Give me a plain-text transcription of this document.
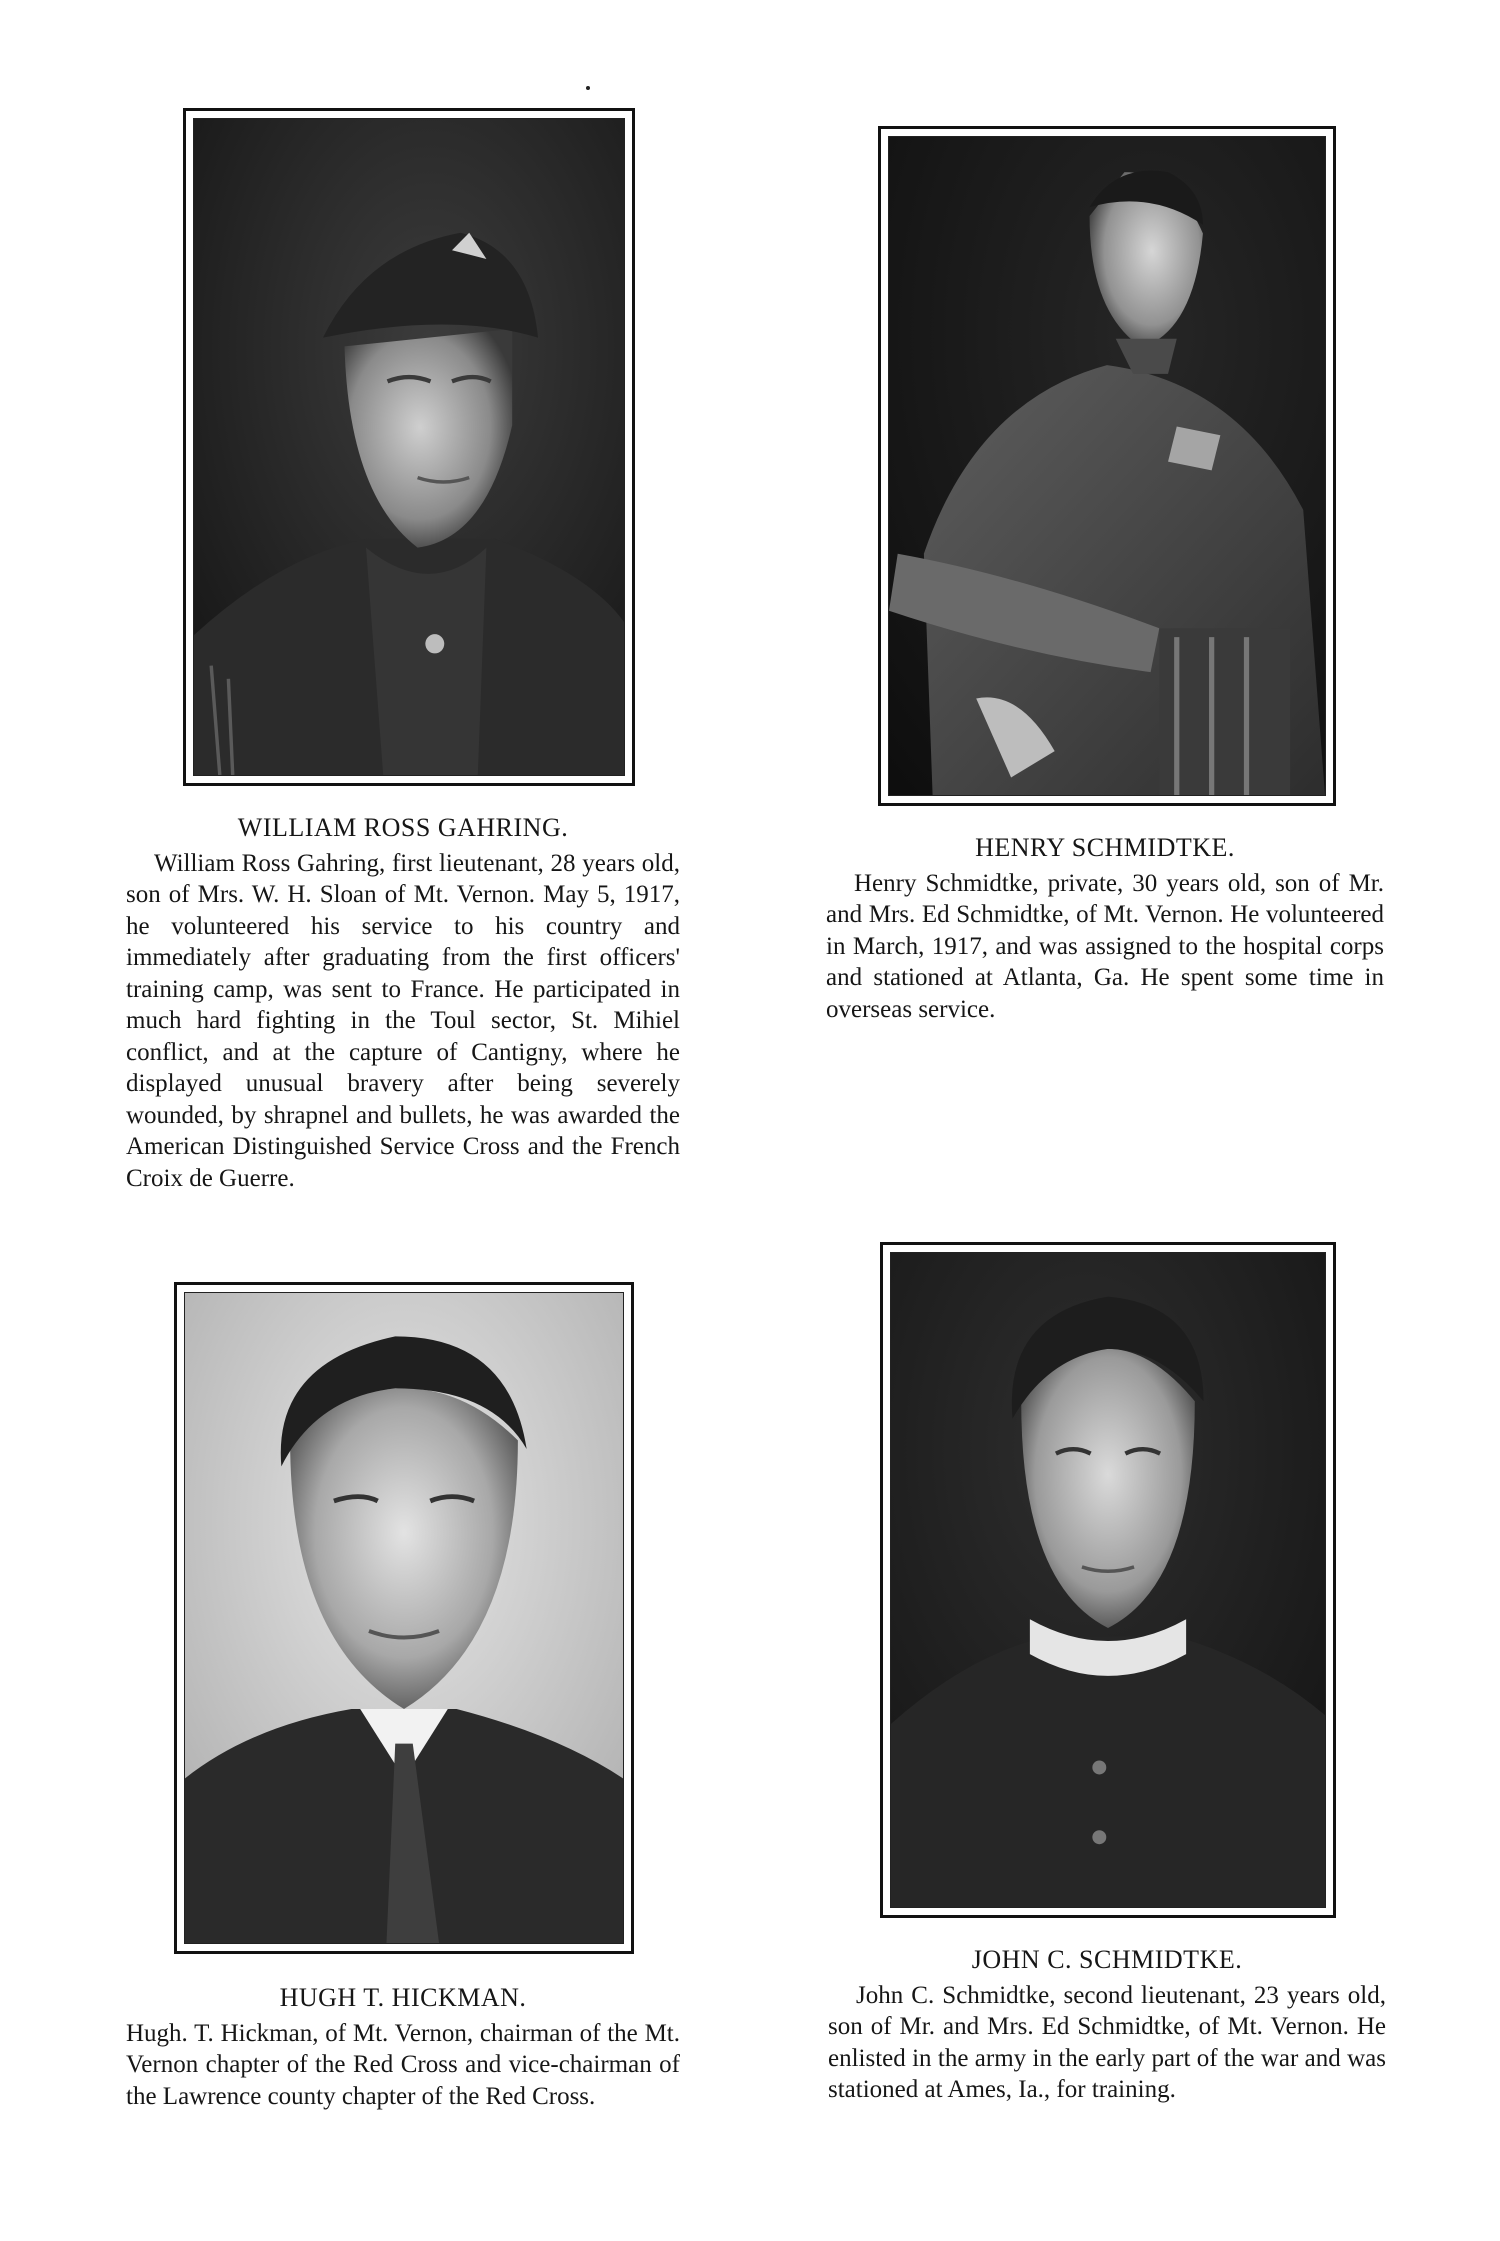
WILLIAM ROSS GAHRING.
William Ross Gahring, first lieutenant, 28 years old, son of Mrs. W. H. Sloan of Mt. Vernon. May 5, 1917, he volunteered his service to his country and immediately after graduating from the first officers' training camp, was sent to France. He participated in much hard fighting in the Toul sector, St. Mihiel conflict, and at the capture of Cantigny, where he displayed unusual bravery after being severely wounded, by shrapnel and bullets, he was awarded the American Distinguished Service Cross and the French Croix de Guerre.
HENRY SCHMIDTKE.
Henry Schmidtke, private, 30 years old, son of Mr. and Mrs. Ed Schmidtke, of Mt. Vernon. He volunteered in March, 1917, and was assigned to the hospital corps and stationed at Atlanta, Ga. He spent some time in overseas service.
HUGH T. HICKMAN.
Hugh. T. Hickman, of Mt. Vernon, chairman of the Mt. Vernon chapter of the Red Cross and vice-chairman of the Lawrence county chapter of the Red Cross.
JOHN C. SCHMIDTKE.
John C. Schmidtke, second lieutenant, 23 years old, son of Mr. and Mrs. Ed Schmidtke, of Mt. Vernon. He enlisted in the army in the early part of the war and was stationed at Ames, Ia., for training.
